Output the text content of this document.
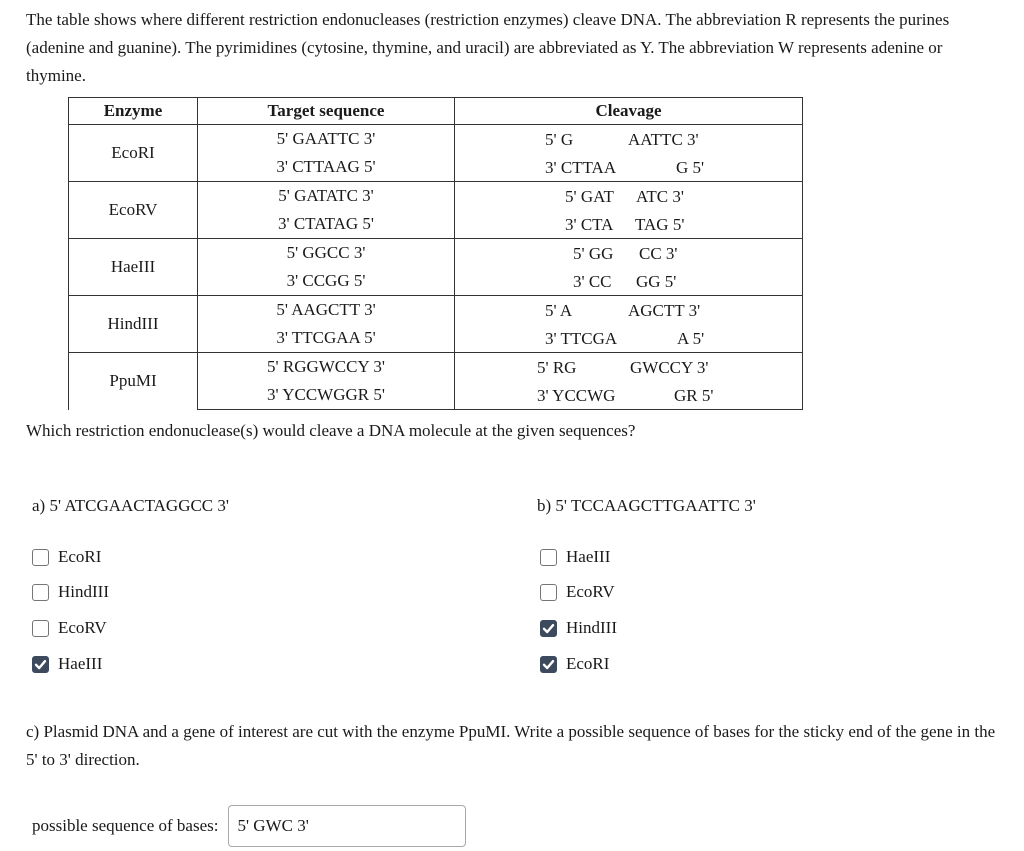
The table shows where different restriction endonucleases (restriction enzymes) cleave DNA. The abbreviation R represents the purines (adenine and guanine). The pyrimidines (cytosine, thymine, and uracil) are abbreviated as Y. The abbreviation W represents adenine or thymine.

Enzyme	Target sequence	Cleavage
EcoRI	5' GAATTC 3'	5' G AATTC 3'

	3' CTTAAG 5'	3' CTTAA G 5'

EcoRV	5' GATATC 3'	5' GAT ATC 3'

	3' CTATAG 5'	3' CTA TAG 5'

HaeIII	5' GGCC 3'	5' GG CC 3'

	3' CCGG 5'	3' CC GG 5'

HindIII	5' AAGCTT 3'	5' A AGCTT 3'

	3' TTCGAA 5'	3' TTCGA A 5'

PpuMI	5' RGGWCCY 3'	5' RG GWCCY 3'

	3' YCCWGGR 5'	3' YCCWG GR 5'

Which restriction endonuclease(s) would cleave a DNA molecule at the given sequences?

a) 5' ATCGAACTAGGCC 3'

EcoRI
HindIII
EcoRV
HaeIII

b) 5' TCCAAGCTTGAATTC 3'

HaeIII
EcoRV
HindIII
EcoRI

c) Plasmid DNA and a gene of interest are cut with the enzyme PpuMI. Write a possible sequence of bases for the sticky end of the gene in the 5' to 3' direction.

possible sequence of bases:	5' GWC 3'
